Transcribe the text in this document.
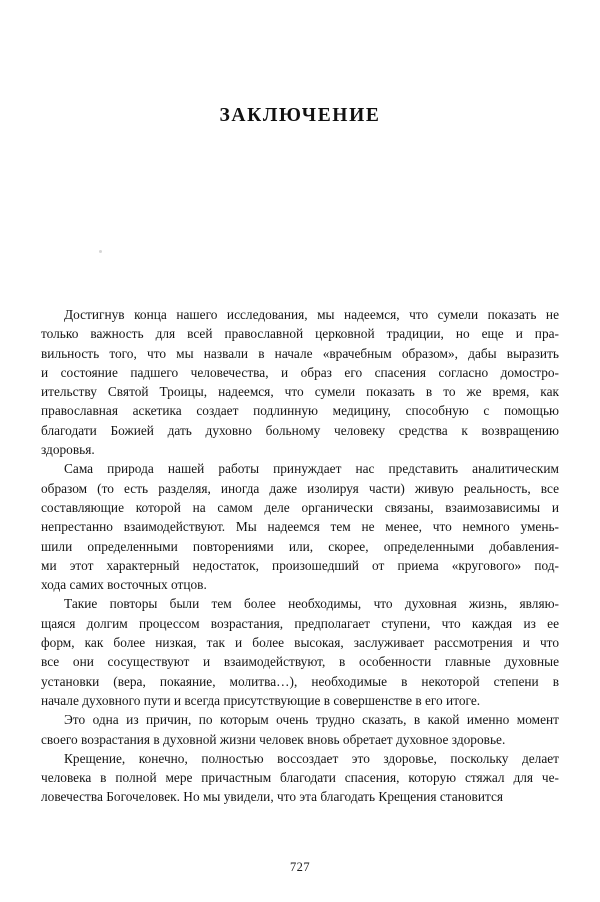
ЗАКЛЮЧЕНИЕ

Достигнув конца нашего исследования, мы надеемся, что сумели показать не
только важность для всей православной церковной традиции, но еще и пра-
вильность того, что мы назвали в начале «врачебным образом», дабы выразить
и состояние падшего человечества, и образ его спасения согласно домостро-
ительству Святой Троицы, надеемся, что сумели показать в то же время, как
православная аскетика создает подлинную медицину, способную с помощью
благодати Божией дать духовно больному человеку средства к возвращению
здоровья.

Сама природа нашей работы принуждает нас представить аналитическим
образом (то есть разделяя, иногда даже изолируя части) живую реальность, все
составляющие которой на самом деле органически связаны, взаимозависимы и
непрестанно взаимодействуют. Мы надеемся тем не менее, что немного умень-
шили определенными повторениями или, скорее, определенными добавления-
ми этот характерный недостаток, произошедший от приема «кругового» под-
хода самих восточных отцов.

Такие повторы были тем более необходимы, что духовная жизнь, являю-
щаяся долгим процессом возрастания, предполагает ступени, что каждая из ее
форм, как более низкая, так и более высокая, заслуживает рассмотрения и что
все они сосуществуют и взаимодействуют, в особенности главные духовные
установки (вера, покаяние, молитва…), необходимые в некоторой степени в
начале духовного пути и всегда присутствующие в совершенстве в его итоге.

Это одна из причин, по которым очень трудно сказать, в какой именно момент
своего возрастания в духовной жизни человек вновь обретает духовное здоровье.

Крещение, конечно, полностью воссоздает это здоровье, поскольку делает
человека в полной мере причастным благодати спасения, которую стяжал для че-
ловечества Богочеловек. Но мы увидели, что эта благодать Крещения становится

727
